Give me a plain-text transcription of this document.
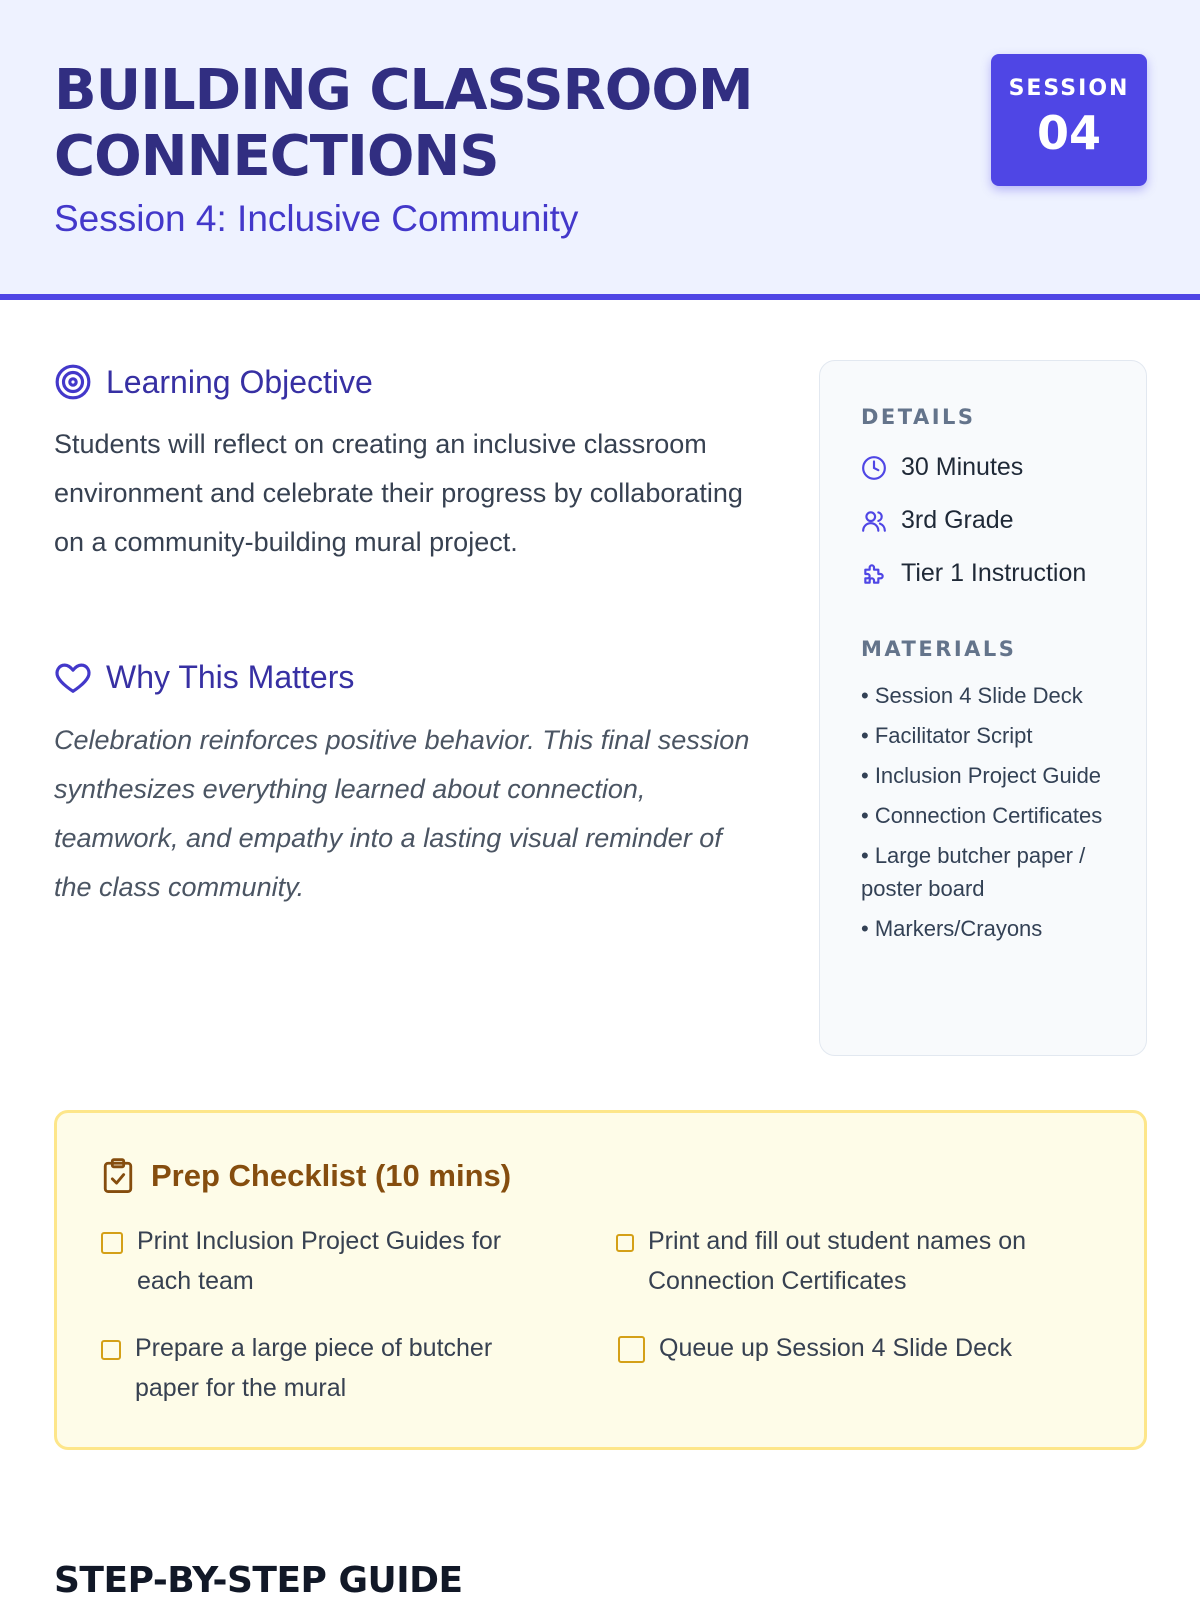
BUILDING CLASSROOM CONNECTIONS
Session 4: Inclusive Community
SESSION
04
Learning Objective

Students will reflect on creating an inclusive classroom environment and celebrate their progress by collaborating on a community-building mural project.

Why This Matters

Celebration reinforces positive behavior. This final session synthesizes everything learned about connection, teamwork, and empathy into a lasting visual reminder of the class community.

DETAILS
30 Minutes
3rd Grade
Tier 1 Instruction
MATERIALS
• Session 4 Slide Deck
• Facilitator Script
• Inclusion Project Guide
• Connection Certificates
• Large butcher paper / poster board
• Markers/Crayons
Prep Checklist (10 mins)
Print Inclusion Project Guides for each team
Print and fill out student names on Connection Certificates
Prepare a large piece of butcher paper for the mural
Queue up Session 4 Slide Deck
STEP-BY-STEP GUIDE
